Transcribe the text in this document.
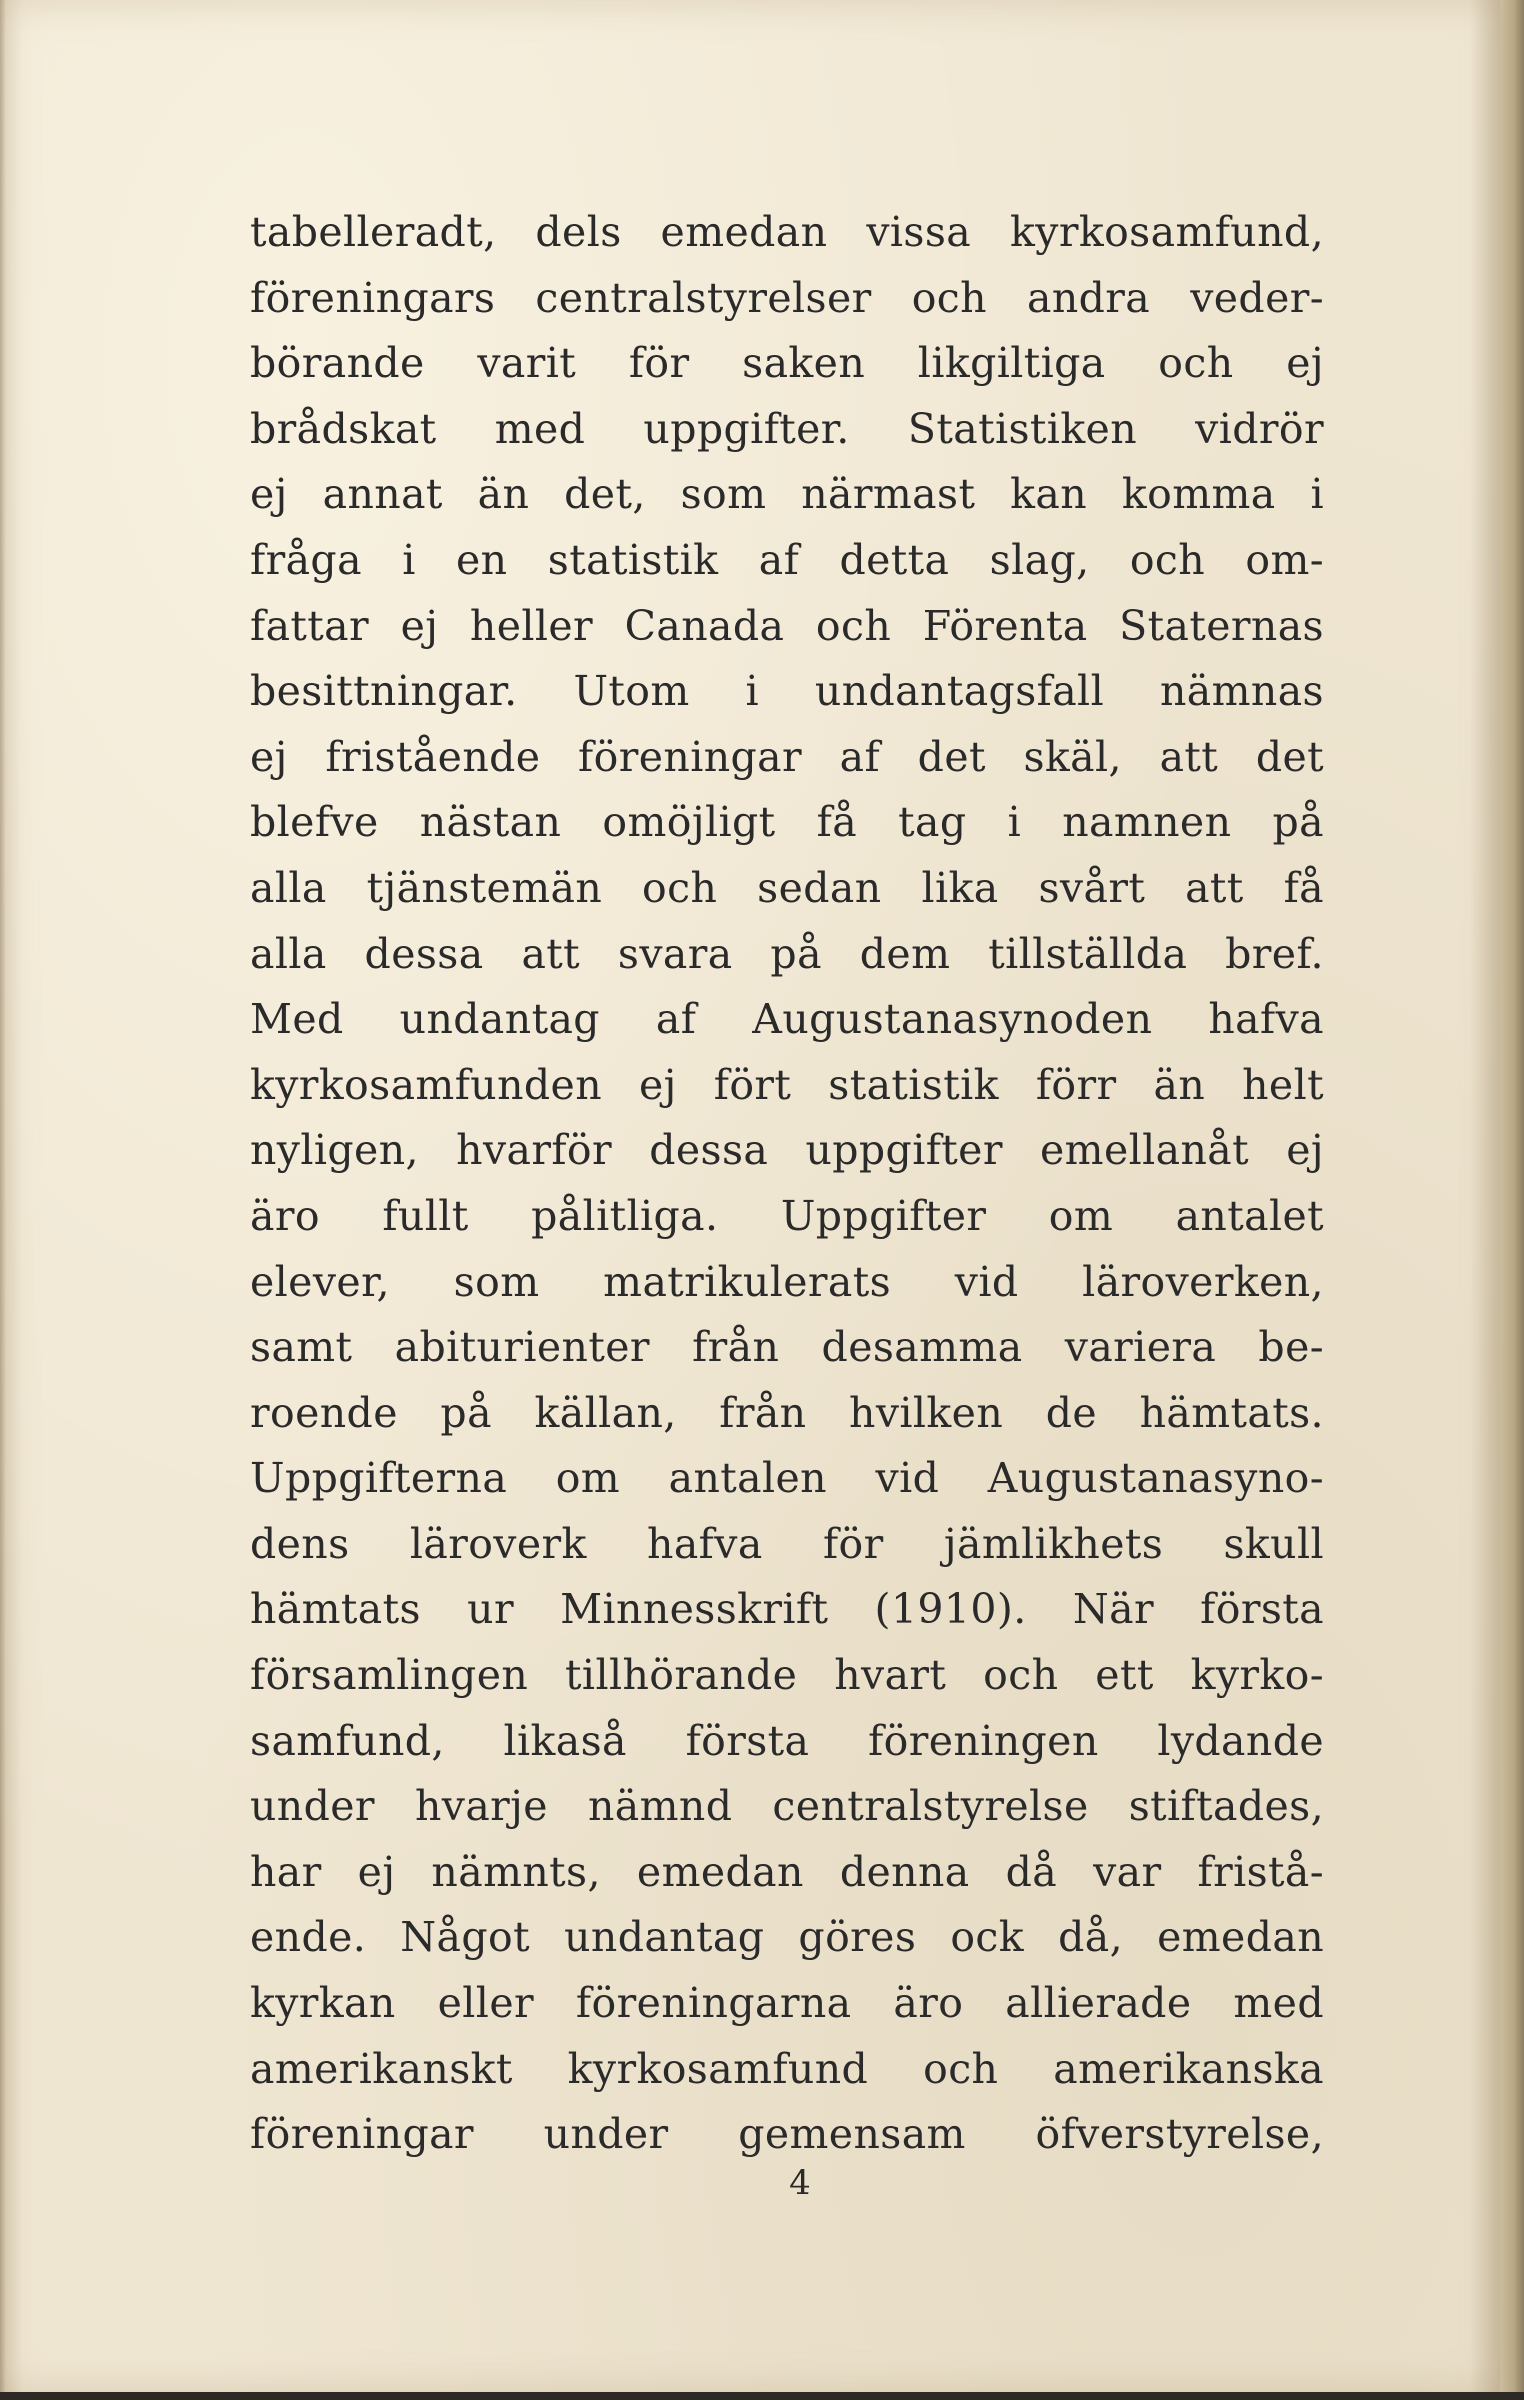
tabelleradt, dels emedan vissa kyrkosamfund,
föreningars centralstyrelser och andra veder-
börande varit för saken likgiltiga och ej
brådskat med uppgifter. Statistiken vidrör
ej annat än det, som närmast kan komma i
fråga i en statistik af detta slag, och om-
fattar ej heller Canada och Förenta Staternas
besittningar. Utom i undantagsfall nämnas
ej fristående föreningar af det skäl, att det
blefve nästan omöjligt få tag i namnen på
alla tjänstemän och sedan lika svårt att få
alla dessa att svara på dem tillställda bref.
Med undantag af Augustanasynoden hafva
kyrkosamfunden ej fört statistik förr än helt
nyligen, hvarför dessa uppgifter emellanåt ej
äro fullt pålitliga. Uppgifter om antalet
elever, som matrikulerats vid läroverken,
samt abiturienter från desamma variera be-
roende på källan, från hvilken de hämtats.
Uppgifterna om antalen vid Augustanasyno-
dens läroverk hafva för jämlikhets skull
hämtats ur Minnesskrift (1910). När första
församlingen tillhörande hvart och ett kyrko-
samfund, likaså första föreningen lydande
under hvarje nämnd centralstyrelse stiftades,
har ej nämnts, emedan denna då var fristå-
ende. Något undantag göres ock då, emedan
kyrkan eller föreningarna äro allierade med
amerikanskt kyrkosamfund och amerikanska
föreningar under gemensam öfverstyrelse,
4
